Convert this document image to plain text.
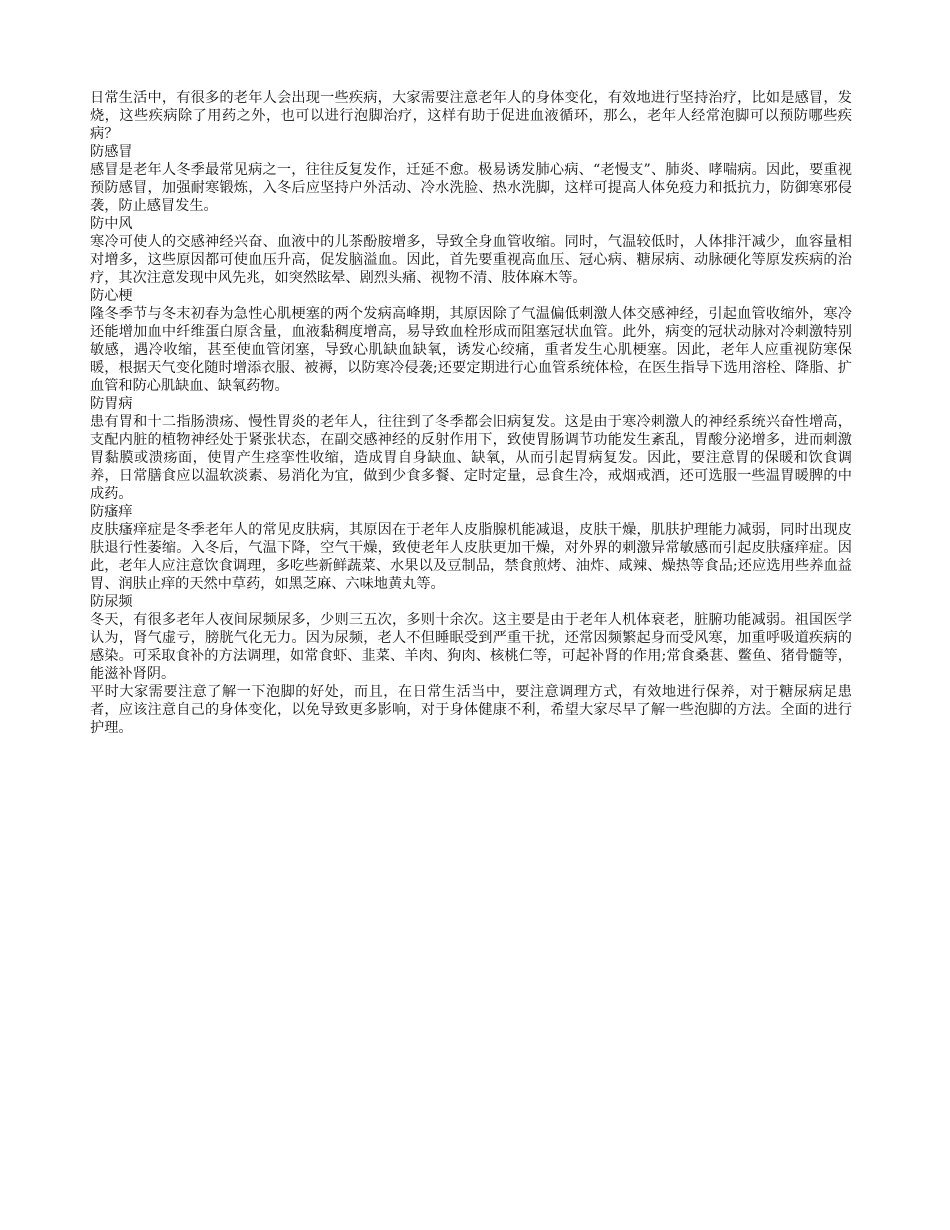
日常生活中，有很多的老年人会出现一些疾病，大家需要注意老年人的身体变化，有效地进行坚持治疗，比如是感冒，发烧，这些疾病除了用药之外，也可以进行泡脚治疗，这样有助于促进血液循环，那么，老年人经常泡脚可以预防哪些疾病？

防感冒

感冒是老年人冬季最常见病之一，往往反复发作，迁延不愈。极易诱发肺心病、“老慢支”、肺炎、哮喘病。因此，要重视预防感冒，加强耐寒锻炼，入冬后应坚持户外活动、冷水洗脸、热水洗脚，这样可提高人体免疫力和抵抗力，防御寒邪侵袭，防止感冒发生。

防中风

寒冷可使人的交感神经兴奋、血液中的儿茶酚胺增多，导致全身血管收缩。同时，气温较低时，人体排汗减少，血容量相对增多，这些原因都可使血压升高，促发脑溢血。因此，首先要重视高血压、冠心病、糖尿病、动脉硬化等原发疾病的治疗，其次注意发现中风先兆，如突然眩晕、剧烈头痛、视物不清、肢体麻木等。

防心梗

隆冬季节与冬末初春为急性心肌梗塞的两个发病高峰期，其原因除了气温偏低刺激人体交感神经，引起血管收缩外，寒冷还能增加血中纤维蛋白原含量，血液黏稠度增高，易导致血栓形成而阻塞冠状血管。此外，病变的冠状动脉对冷刺激特别敏感，遇冷收缩，甚至使血管闭塞，导致心肌缺血缺氧，诱发心绞痛，重者发生心肌梗塞。因此，老年人应重视防寒保暖，根据天气变化随时增添衣服、被褥，以防寒冷侵袭;还要定期进行心血管系统体检，在医生指导下选用溶栓、降脂、扩血管和防心肌缺血、缺氧药物。

防胃病

患有胃和十二指肠溃疡、慢性胃炎的老年人，往往到了冬季都会旧病复发。这是由于寒冷刺激人的神经系统兴奋性增高，支配内脏的植物神经处于紧张状态，在副交感神经的反射作用下，致使胃肠调节功能发生紊乱，胃酸分泌增多，进而刺激胃黏膜或溃疡面，使胃产生痉挛性收缩，造成胃自身缺血、缺氧，从而引起胃病复发。因此，要注意胃的保暖和饮食调养，日常膳食应以温软淡素、易消化为宜，做到少食多餐、定时定量，忌食生冷，戒烟戒酒，还可选服一些温胃暖脾的中成药。

防瘙痒

皮肤瘙痒症是冬季老年人的常见皮肤病，其原因在于老年人皮脂腺机能减退，皮肤干燥，肌肤护理能力减弱，同时出现皮肤退行性萎缩。入冬后，气温下降，空气干燥，致使老年人皮肤更加干燥，对外界的刺激异常敏感而引起皮肤瘙痒症。因此，老年人应注意饮食调理，多吃些新鲜蔬菜、水果以及豆制品，禁食煎烤、油炸、咸辣、燥热等食品;还应选用些养血益胃、润肤止痒的天然中草药，如黑芝麻、六味地黄丸等。

防尿频

冬天，有很多老年人夜间尿频尿多，少则三五次，多则十余次。这主要是由于老年人机体衰老，脏腑功能减弱。祖国医学认为，肾气虚亏，膀胱气化无力。因为尿频，老人不但睡眠受到严重干扰，还常因频繁起身而受风寒，加重呼吸道疾病的感染。可采取食补的方法调理，如常食虾、韭菜、羊肉、狗肉、核桃仁等，可起补肾的作用;常食桑葚、鳖鱼、猪骨髓等，能滋补肾阴。

平时大家需要注意了解一下泡脚的好处，而且，在日常生活当中，要注意调理方式，有效地进行保养，对于糖尿病足患者，应该注意自己的身体变化，以免导致更多影响，对于身体健康不利，希望大家尽早了解一些泡脚的方法。全面的进行护理。
